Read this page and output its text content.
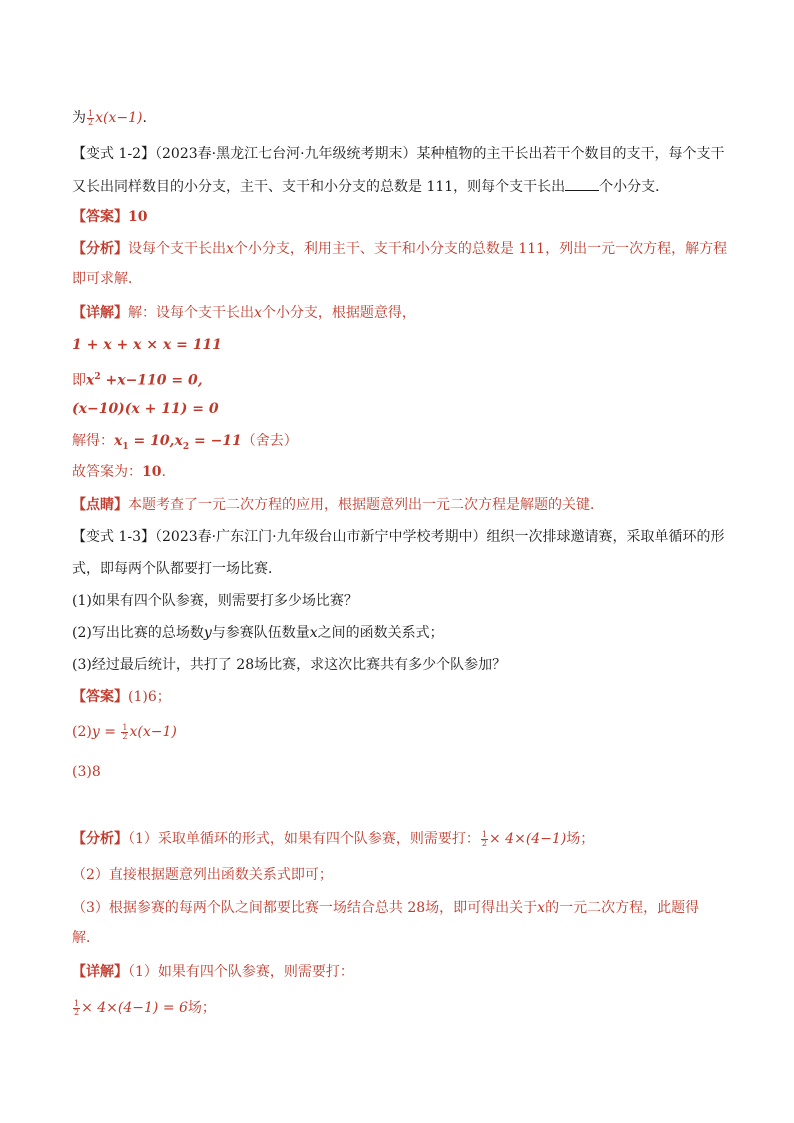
为 $\frac{1}{2} x(x-1)$.
【变式 1-2】（2023春·黑龙江七台河·九年级统考期末）某种植物的主干长出若干个数目的支干，每个支干
又长出同样数目的小分支，主干、支干和小分支的总数是 111，则每个支干长出 个小分支．
【答案】10
【分析】设每个支干长出x个小分支，利用主干、支干和小分支的总数是 111，列出一元一次方程，解方程
即可求解．
【详解】解：设每个支干长出x个小分支，根据题意得，
1 + x + x × x = 111
即$x^2 +x-110 = 0$,
(x−10)(x + 11) = 0
解得：$x_1 = 10,x_2 = -11$（舍去）
故答案为：10.
【点睛】本题考查了一元二次方程的应用，根据题意列出一元二次方程是解题的关键．
【变式 1-3】（2023春·广东江门·九年级台山市新宁中学校考期中）组织一次排球邀请赛，采取单循环的形
式，即每两个队都要打一场比赛．
(1)如果有四个队参赛，则需要打多少场比赛？
(2)写出比赛的总场数y与参赛队伍数量x之间的函数关系式；
(3)经过最后统计，共打了 28场比赛，求这次比赛共有多少个队参加？
【答案】(1)6；
$(2)y = \frac{1}{2} x(x-1)$
(3)8
【分析】（1）采取单循环的形式，如果有四个队参赛，则需要打： $\frac{1}{2} \times 4\times(4-1)$场；
（2）直接根据题意列出函数关系式即可；
（3）根据参赛的每两个队之间都要比赛一场结合总共 28场，即可得出关于x的一元二次方程，此题得
解．
【详解】（1）如果有四个队参赛，则需要打：
$\frac{1}{2} \times 4\times(4-1) = 6$场；
